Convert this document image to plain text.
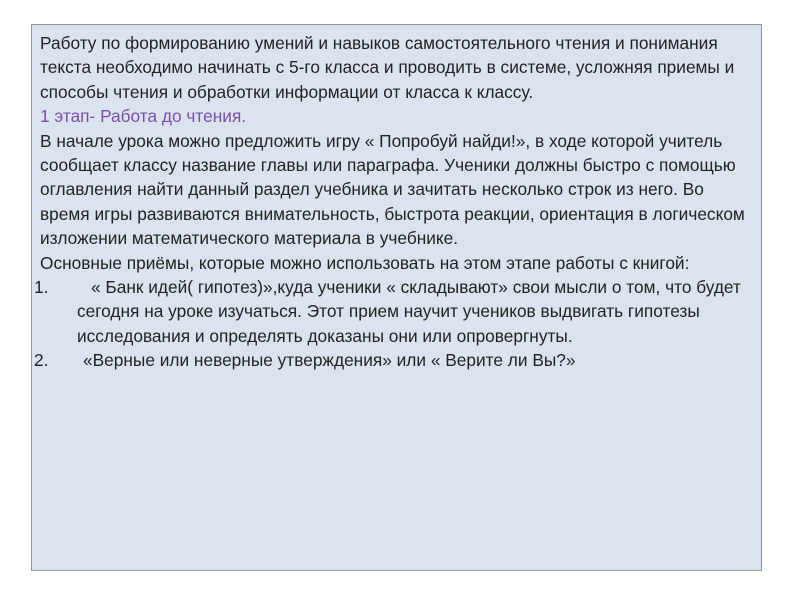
Работу по формированию умений и навыков самостоятельного чтения и понимания текста необходимо начинать с 5-го класса и проводить в системе, усложняя приемы и способы чтения и обработки информации от класса к классу.

1 этап- Работа до чтения.

В начале урока можно предложить игру « Попробуй найди!», в ходе которой учитель сообщает классу название главы или параграфа. Ученики должны быстро с помощью оглавления найти данный раздел учебника и зачитать несколько строк из него. Во время игры развиваются внимательность, быстрота реакции, ориентация в логическом изложении математического материала в учебнике.

Основные приёмы, которые можно использовать на этом этапе работы с книгой:

1.	« Банк идей( гипотез)»,куда ученики « складывают» свои мысли о том, что будет сегодня на уроке изучаться. Этот прием научит учеников выдвигать гипотезы исследования и определять доказаны они или опровергнуты.
2.	«Верные или неверные утверждения» или « Верите ли Вы?»
